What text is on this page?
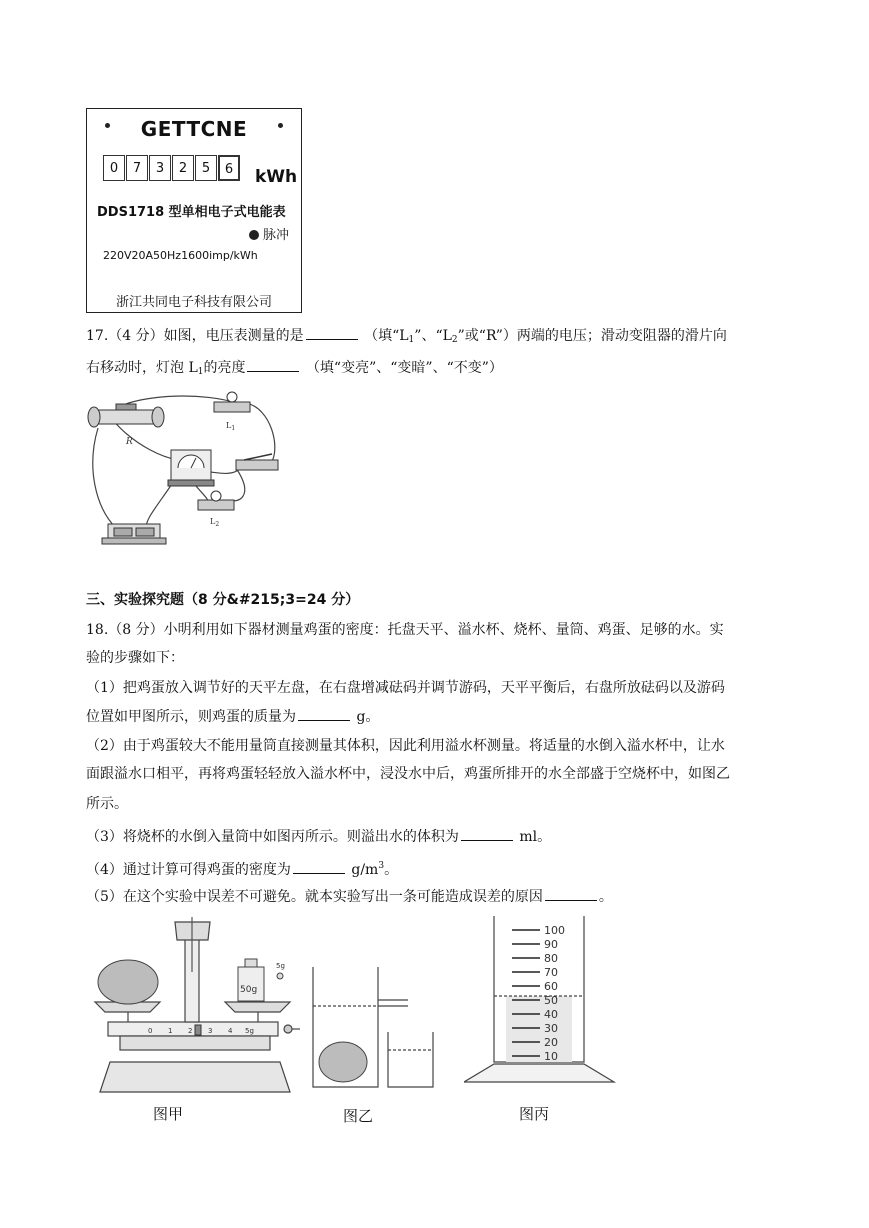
GETTCNE
0	7	3	2	5	6	kWh
DDS1718 型单相电子式电能表
脉冲
220V20A50Hz1600imp/kWh
浙江共同电子科技有限公司
17.（4 分）如图，电压表测量的是	（填“$L_1$”、“$L_2$”或“R”）两端的电压；滑动变阻器的滑片向
右移动时，灯泡 $L_1$的亮度	（填“变亮”、“变暗”、“不变”）
R
$L_1$
$L_2$
三、实验探究题（8 分&#215;3=24 分）
18.（8 分）小明利用如下器材测量鸡蛋的密度：托盘天平、溢水杯、烧杯、量筒、鸡蛋、足够的水。实
验的步骤如下：
（1）把鸡蛋放入调节好的天平左盘，在右盘增减砝码并调节游码，天平平衡后，右盘所放砝码以及游码
位置如甲图所示，则鸡蛋的质量为	g。
（2）由于鸡蛋较大不能用量筒直接测量其体积，因此利用溢水杯测量。将适量的水倒入溢水杯中，让水
面跟溢水口相平，再将鸡蛋轻轻放入溢水杯中，浸没水中后，鸡蛋所排开的水全部盛于空烧杯中，如图乙
所示。
（3）将烧杯的水倒入量筒中如图丙所示。则溢出水的体积为	ml。
（4）通过计算可得鸡蛋的密度为	$g/m^3$。
（5）在这个实验中误差不可避免。就本实验写出一条可能造成误差的原因	。
50g
5g
0 1 2 3 4 5g
100
90
80
70
60
50
40
30
20
10
图甲	图乙	图丙
